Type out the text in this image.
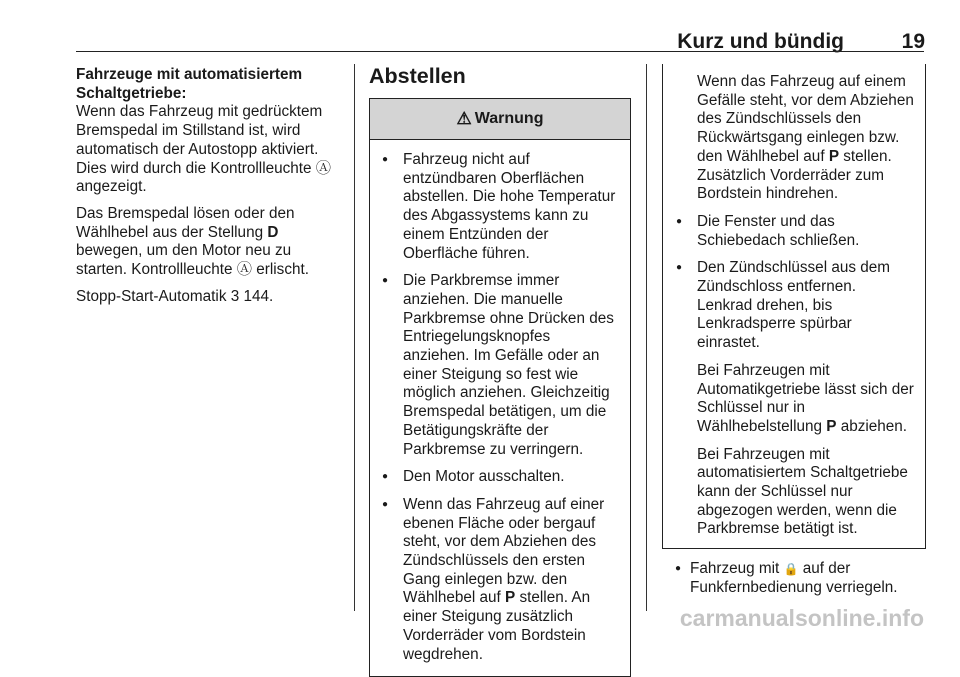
Kurz und bündig	19

Fahrzeuge mit automatisiertem Schaltgetriebe:

Wenn das Fahrzeug mit gedrücktem Bremspedal im Stillstand ist, wird automatisch der Autostopp aktiviert. Dies wird durch die Kontrollleuchte Ⓐ angezeigt.

Das Bremspedal lösen oder den Wählhebel aus der Stellung D bewegen, um den Motor neu zu starten. Kontrollleuchte Ⓐ erlischt.

Stopp-Start-Automatik 3 144.

Abstellen
⚠ Warnung
● Fahrzeug nicht auf entzündbaren Oberflächen abstellen. Die hohe Temperatur des Abgassystems kann zu einem Entzünden der Oberfläche führen.
● Die Parkbremse immer anziehen. Die manuelle Parkbremse ohne Drücken des Entriegelungsknopfes anziehen. Im Gefälle oder an einer Steigung so fest wie möglich anziehen. Gleichzeitig Bremspedal betätigen, um die Betätigungskräfte der Parkbremse zu verringern.
● Den Motor ausschalten.
● Wenn das Fahrzeug auf einer ebenen Fläche oder bergauf steht, vor dem Abziehen des Zündschlüssels den ersten Gang einlegen bzw. den Wählhebel auf P stellen. An einer Steigung zusätzlich Vorderräder vom Bordstein wegdrehen.
Wenn das Fahrzeug auf einem Gefälle steht, vor dem Abziehen des Zündschlüssels den Rückwärtsgang einlegen bzw. den Wählhebel auf P stellen. Zusätzlich Vorderräder zum Bordstein hindrehen.
● Die Fenster und das Schiebedach schließen.
● Den Zündschlüssel aus dem Zündschloss entfernen. Lenkrad drehen, bis Lenkradsperre spürbar einrastet.
Bei Fahrzeugen mit Automatikgetriebe lässt sich der Schlüssel nur in Wählhebelstellung P abziehen.
Bei Fahrzeugen mit automatisiertem Schaltgetriebe kann der Schlüssel nur abgezogen werden, wenn die Parkbremse betätigt ist.
● Fahrzeug mit 🔒 auf der Funkfernbedienung verriegeln.
carmanualsonline.info
